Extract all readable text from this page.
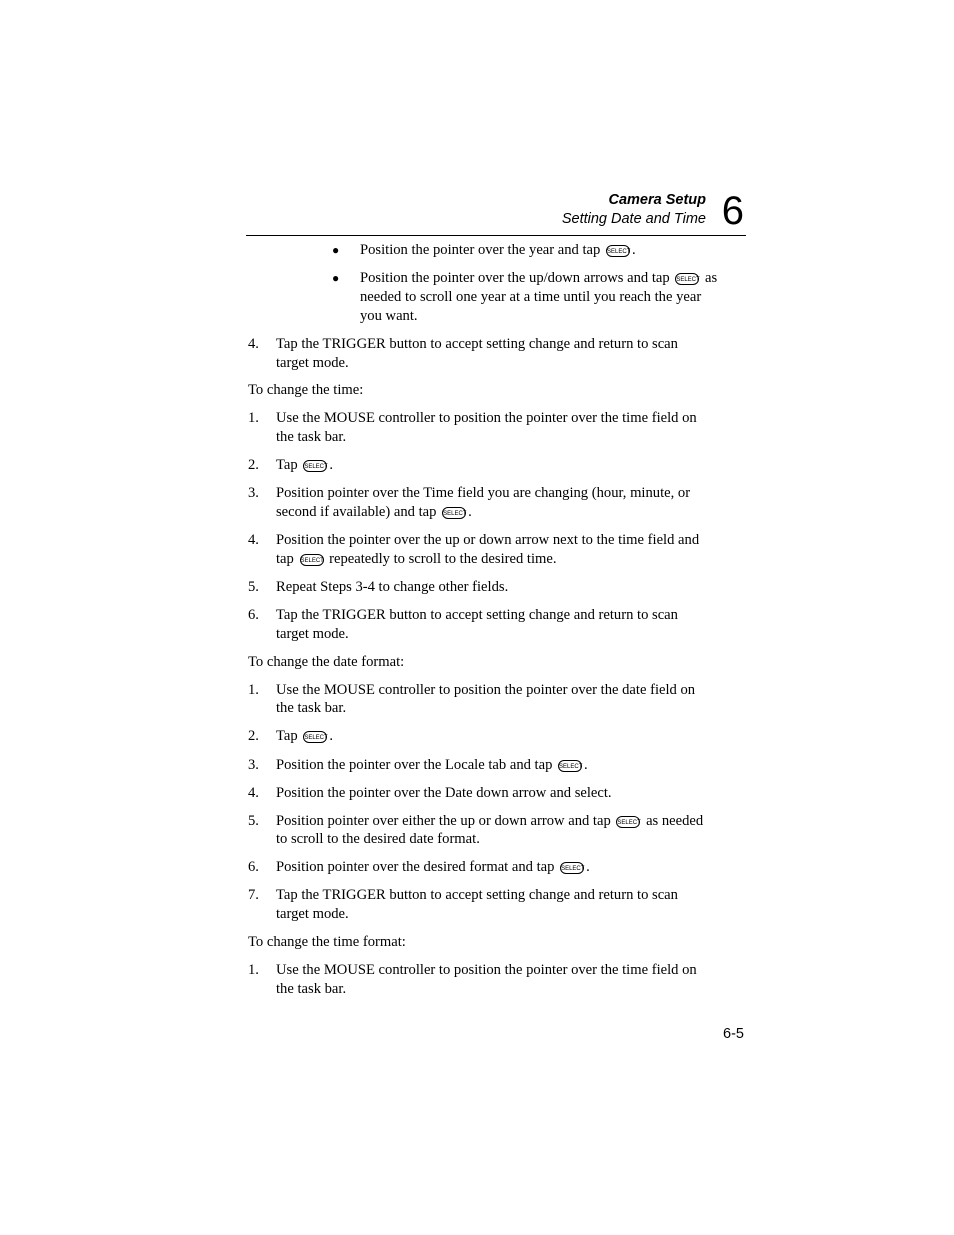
Camera Setup
Setting Date and Time 6
● Position the pointer over the year and tap SELECT .
● Position the pointer over the up/down arrows and tap SELECT as
needed to scroll one year at a time until you reach the year
you want.
4. Tap the TRIGGER button to accept setting change and return to scan
target mode.
To change the time:
1. Use the MOUSE controller to position the pointer over the time field on
the task bar.
2. Tap SELECT .
3. Position pointer over the Time field you are changing (hour, minute, or
second if available) and tap SELECT .
4. Position the pointer over the up or down arrow next to the time field and
tap SELECT repeatedly to scroll to the desired time.
5. Repeat Steps 3-4 to change other fields.
6. Tap the TRIGGER button to accept setting change and return to scan
target mode.
To change the date format:
1. Use the MOUSE controller to position the pointer over the date field on
the task bar.
2. Tap SELECT .
3. Position the pointer over the Locale tab and tap SELECT .
4. Position the pointer over the Date down arrow and select.
5. Position pointer over either the up or down arrow and tap SELECT as needed
to scroll to the desired date format.
6. Position pointer over the desired format and tap SELECT .
7. Tap the TRIGGER button to accept setting change and return to scan
target mode.
To change the time format:
1. Use the MOUSE controller to position the pointer over the time field on
the task bar.
6-5
